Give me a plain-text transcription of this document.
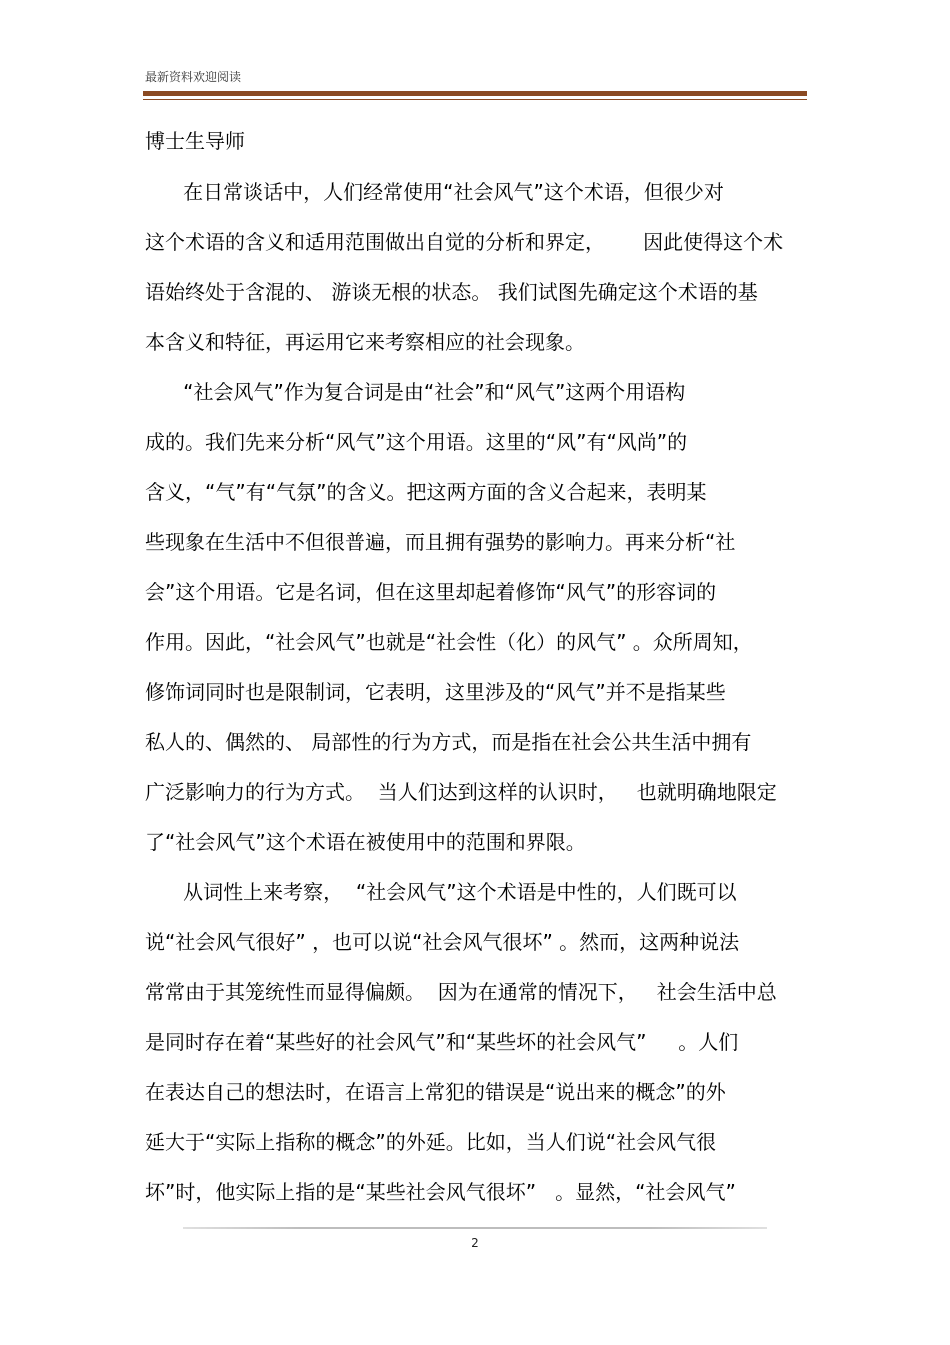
最新资料欢迎阅读
博士生导师
在日常谈话中，人们经常使用“社会风气”这个术语，但很少对
这个术语的含义和适用范围做出自觉的分析和界定，      因此使得这个术
语始终处于含混的、 游谈无根的状态。 我们试图先确定这个术语的基
本含义和特征，再运用它来考察相应的社会现象。
“社会风气”作为复合词是由“社会”和“风气”这两个用语构
成的。我们先来分析“风气”这个用语。这里的“风”有“风尚”的
含义，“气”有“气氛”的含义。把这两方面的含义合起来，表明某
些现象在生活中不但很普遍，而且拥有强势的影响力。再来分析“社
会”这个用语。它是名词，但在这里却起着修饰“风气”的形容词的
作用。因此，“社会风气”也就是“社会性（化）的风气” 。众所周知，
修饰词同时也是限制词，它表明，这里涉及的“风气”并不是指某些
私人的、偶然的、 局部性的行为方式，而是指在社会公共生活中拥有
广泛影响力的行为方式。  当人们达到这样的认识时，   也就明确地限定
了“社会风气”这个术语在被使用中的范围和界限。
从词性上来考察，  “社会风气”这个术语是中性的，人们既可以
说“社会风气很好” ，也可以说“社会风气很坏” 。然而，这两种说法
常常由于其笼统性而显得偏颇。  因为在通常的情况下，   社会生活中总
是同时存在着“某些好的社会风气”和“某些坏的社会风气”     。人们
在表达自己的想法时，在语言上常犯的错误是“说出来的概念”的外
延大于“实际上指称的概念”的外延。比如，当人们说“社会风气很
坏”时，他实际上指的是“某些社会风气很坏”   。显然，“社会风气”
2
